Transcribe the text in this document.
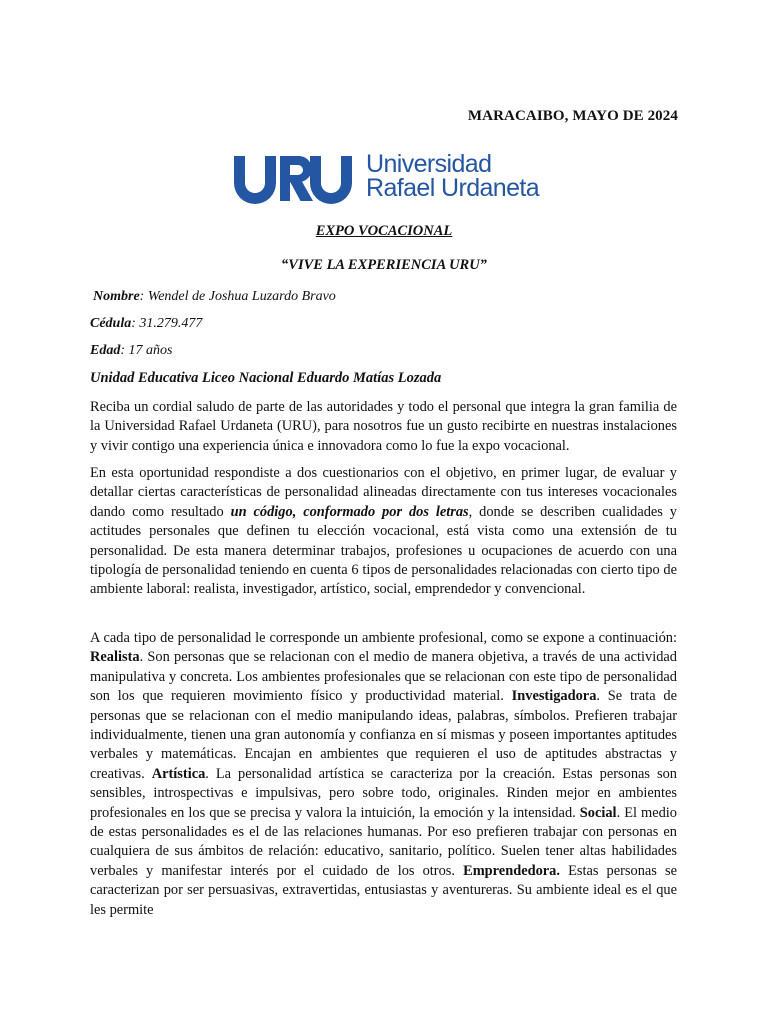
MARACAIBO, MAYO DE 2024
Universidad
Rafael Urdaneta
EXPO VOCACIONAL
“VIVE LA EXPERIENCIA URU”
Nombre: Wendel de Joshua Luzardo Bravo
Cédula: 31.279.477
Edad: 17 años
Unidad Educativa Liceo Nacional Eduardo Matías Lozada

Reciba un cordial saludo de parte de las autoridades y todo el personal que integra la gran familia de la Universidad Rafael Urdaneta (URU), para nosotros fue un gusto recibirte en nuestras instalaciones y vivir contigo una experiencia única e innovadora como lo fue la expo vocacional.

En esta oportunidad respondiste a dos cuestionarios con el objetivo, en primer lugar, de evaluar y detallar ciertas características de personalidad alineadas directamente con tus intereses vocacionales dando como resultado un código, conformado por dos letras, donde se describen cualidades y actitudes personales que definen tu elección vocacional, está vista como una extensión de tu personalidad. De esta manera determinar trabajos, profesiones u ocupaciones de acuerdo con una tipología de personalidad teniendo en cuenta 6 tipos de personalidades relacionadas con cierto tipo de ambiente laboral: realista, investigador, artístico, social, emprendedor y convencional.

A cada tipo de personalidad le corresponde un ambiente profesional, como se expone a continuación: Realista. Son personas que se relacionan con el medio de manera objetiva, a través de una actividad manipulativa y concreta. Los ambientes profesionales que se relacionan con este tipo de personalidad son los que requieren movimiento físico y productividad material. Investigadora. Se trata de personas que se relacionan con el medio manipulando ideas, palabras, símbolos. Prefieren trabajar individualmente, tienen una gran autonomía y confianza en sí mismas y poseen importantes aptitudes verbales y matemáticas. Encajan en ambientes que requieren el uso de aptitudes abstractas y creativas. Artística. La personalidad artística se caracteriza por la creación. Estas personas son sensibles, introspectivas e impulsivas, pero sobre todo, originales. Rinden mejor en ambientes profesionales en los que se precisa y valora la intuición, la emoción y la intensidad. Social. El medio de estas personalidades es el de las relaciones humanas. Por eso prefieren trabajar con personas en cualquiera de sus ámbitos de relación: educativo, sanitario, político. Suelen tener altas habilidades verbales y manifestar interés por el cuidado de los otros. Emprendedora. Estas personas se caracterizan por ser persuasivas, extravertidas, entusiastas y aventureras. Su ambiente ideal es el que les permite
